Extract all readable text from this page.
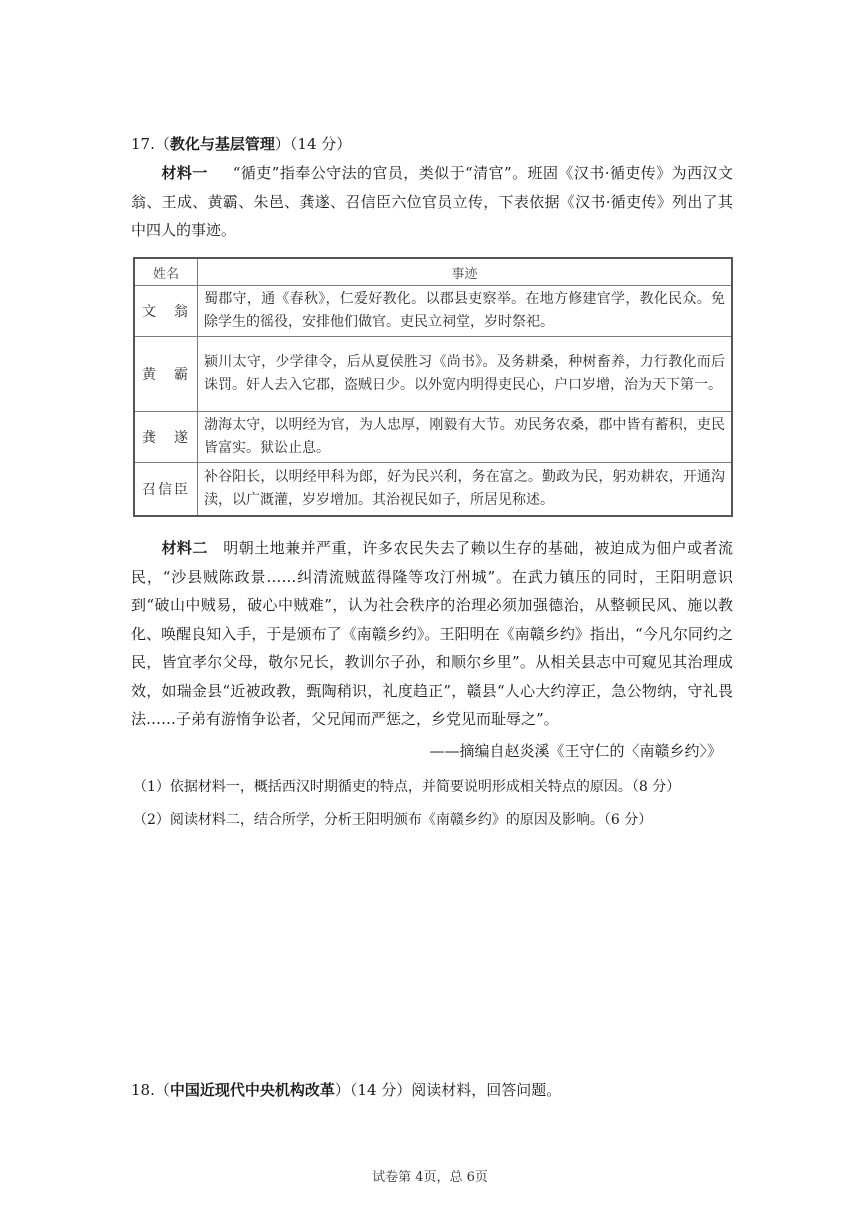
17.（教化与基层管理）（14 分）

材料一 “循吏”指奉公守法的官员，类似于“清官”。班固《汉书·循吏传》为西汉文翁、王成、黄霸、朱邑、龚遂、召信臣六位官员立传，下表依据《汉书·循吏传》列出了其中四人的事迹。

姓名	事迹
文　翁	蜀郡守，通《春秋》，仁爱好教化。以郡县吏察举。在地方修建官学，教化民众。免除学生的徭役，安排他们做官。吏民立祠堂，岁时祭祀。
黄　霸	颍川太守，少学律令，后从夏侯胜习《尚书》。及务耕桑，种树畜养，力行教化而后诛罚。奸人去入它郡，盗贼日少。以外宽内明得吏民心，户口岁增，治为天下第一。
龚　遂	渤海太守，以明经为官，为人忠厚，刚毅有大节。劝民务农桑，郡中皆有蓄积，吏民皆富实。狱讼止息。
召信臣	补谷阳长，以明经甲科为郎，好为民兴利，务在富之。勤政为民，躬劝耕农，开通沟渎，以广溉灌，岁岁增加。其治视民如子，所居见称述。

材料二 明朝土地兼并严重，许多农民失去了赖以生存的基础，被迫成为佃户或者流民，“沙县贼陈政景……纠清流贼蓝得隆等攻汀州城”。在武力镇压的同时，王阳明意识到“破山中贼易，破心中贼难”，认为社会秩序的治理必须加强德治，从整顿民风、施以教化、唤醒良知入手，于是颁布了《南赣乡约》。王阳明在《南赣乡约》指出，“今凡尔同约之民，皆宜孝尔父母，敬尔兄长，教训尔子孙，和顺尔乡里”。从相关县志中可窥见其治理成效，如瑞金县“近被政教，甄陶稍识，礼度趋正”，赣县“人心大约淳正，急公物纳，守礼畏法……子弟有游惰争讼者，父兄闻而严惩之，乡党见而耻辱之”。

——摘编自赵炎溪《王守仁的〈南赣乡约〉》
（1）依据材料一，概括西汉时期循吏的特点，并简要说明形成相关特点的原因。（8 分）
（2）阅读材料二，结合所学，分析王阳明颁布《南赣乡约》的原因及影响。（6 分）
18.（中国近现代中央机构改革）（14 分）阅读材料，回答问题。
试卷第 4页，总 6页
